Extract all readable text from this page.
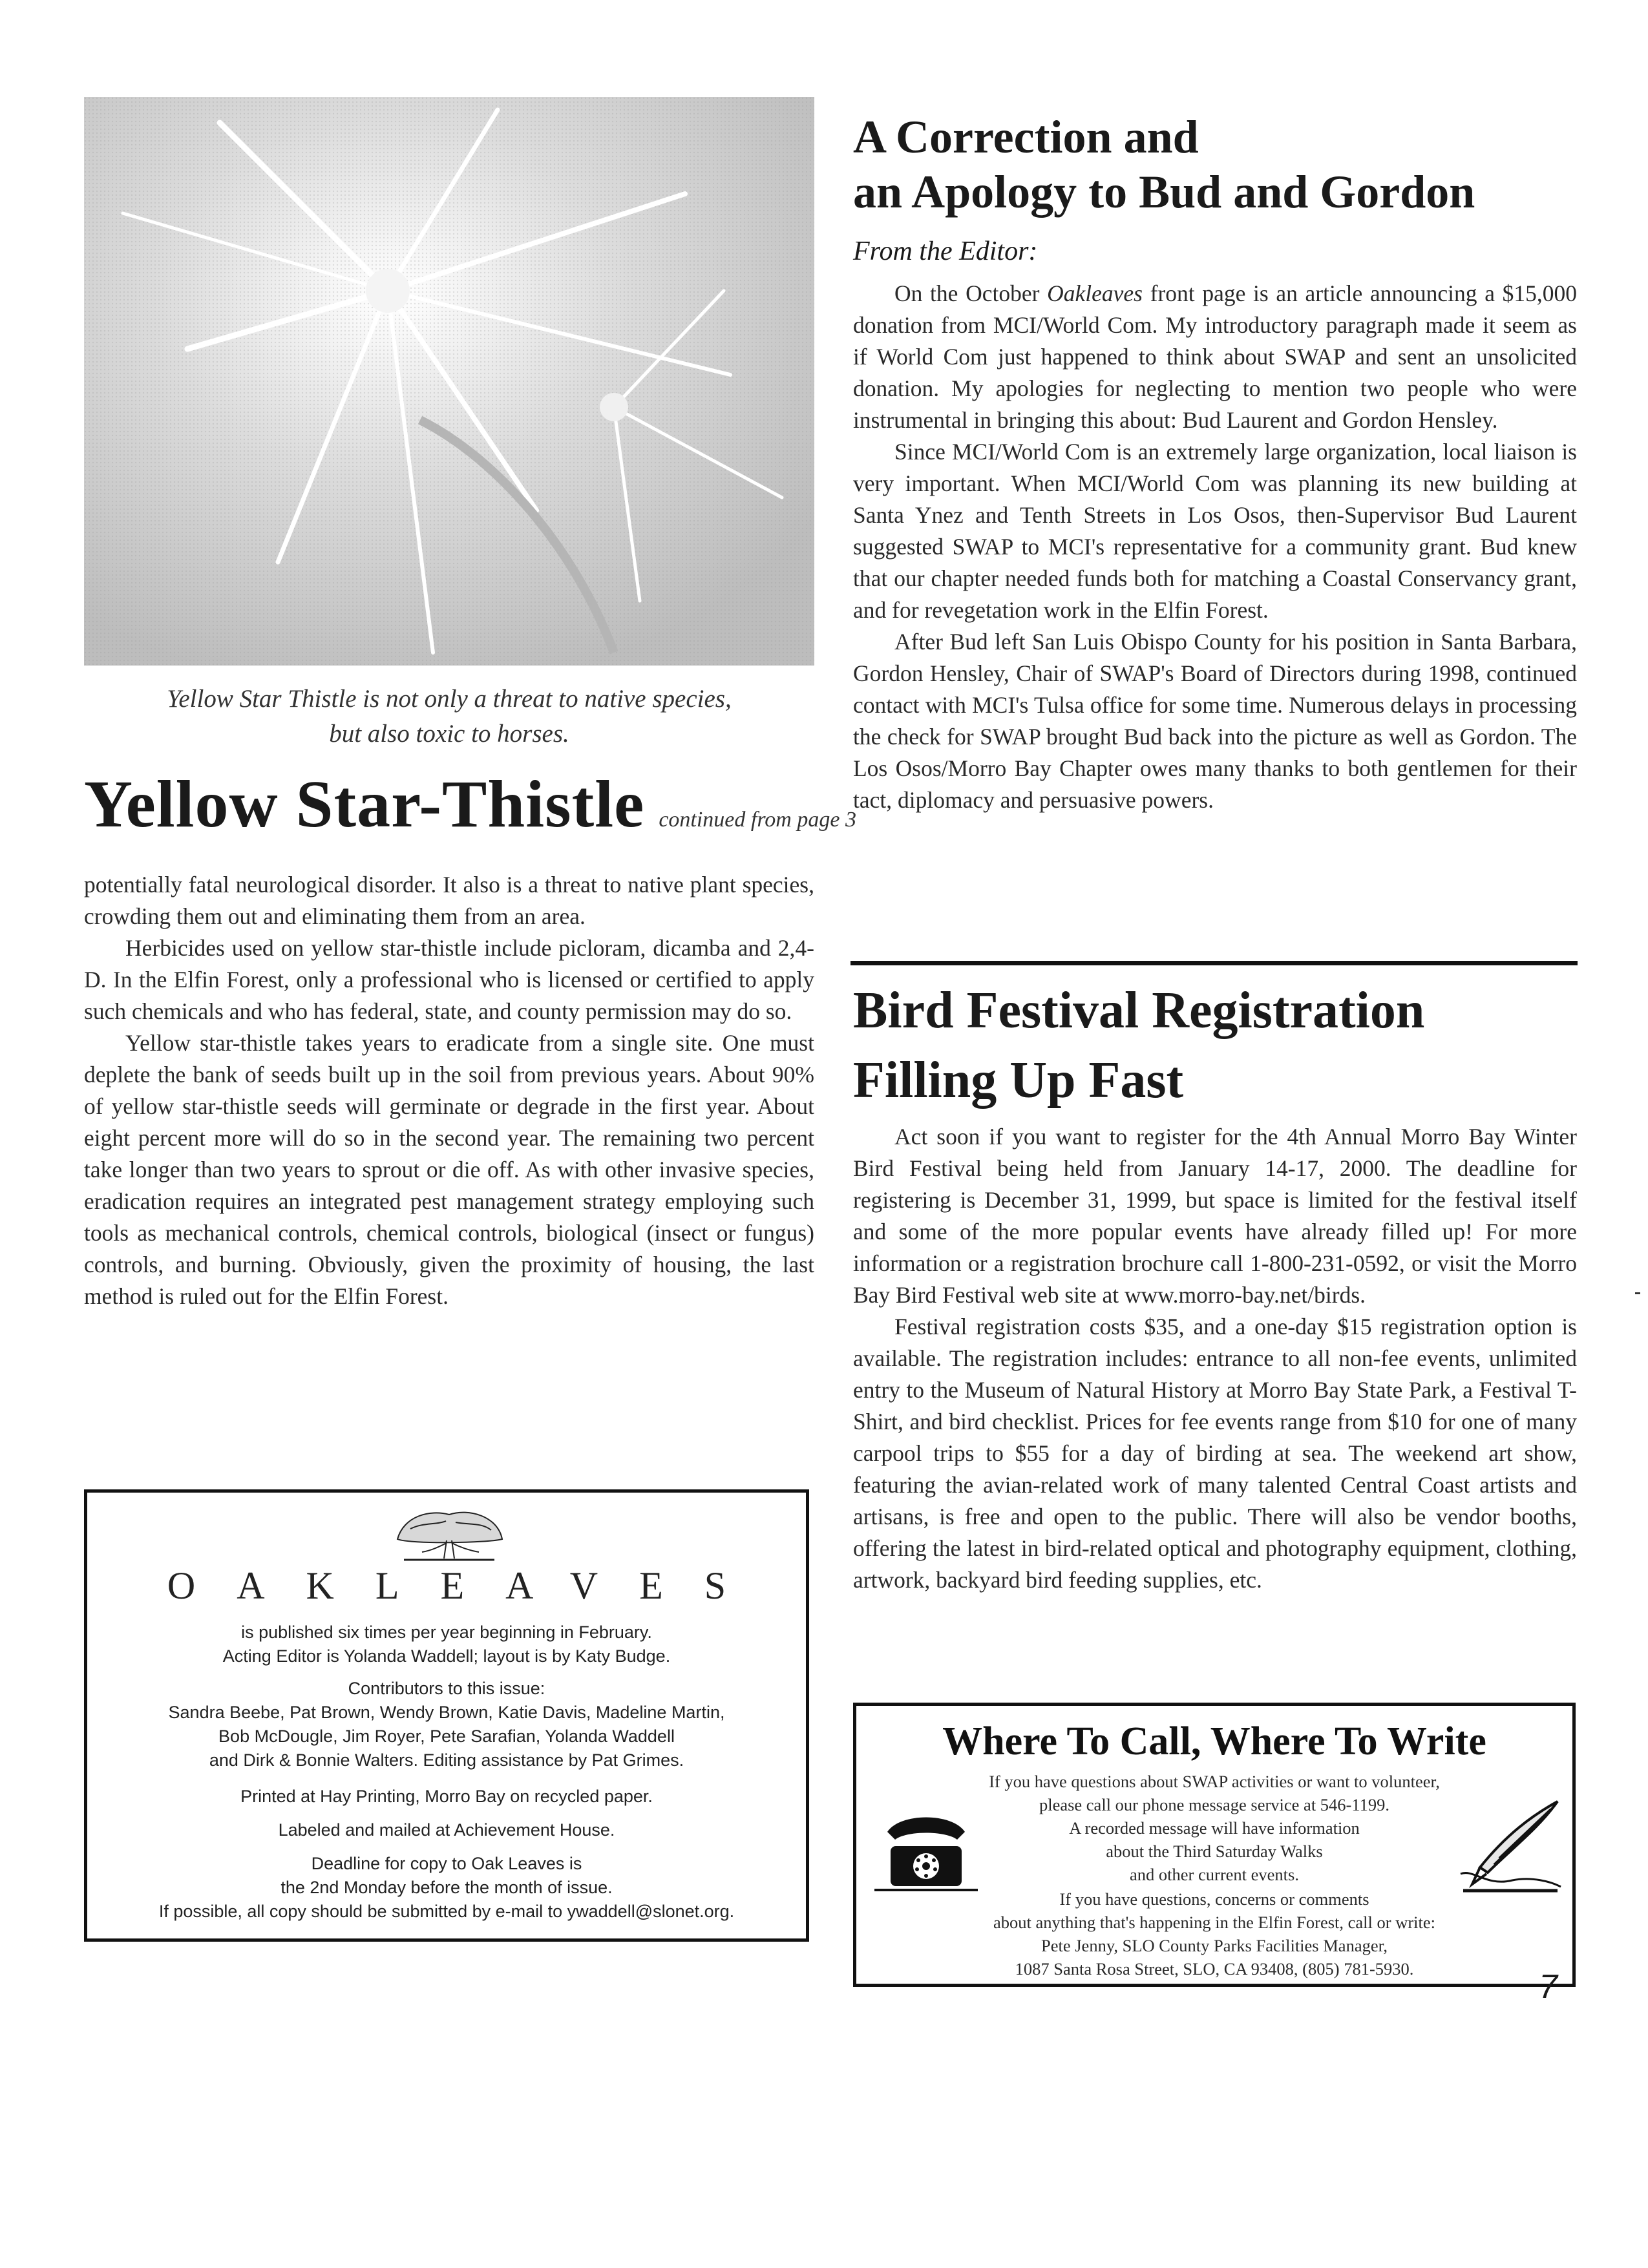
Yellow Star Thistle is not only a threat to native species,
but also toxic to horses.
Yellow Star-Thistle continued from page 3

potentially fatal neurological disorder. It also is a threat to native plant species, crowding them out and eliminating them from an area.

Herbicides used on yellow star-thistle include picloram, dicamba and 2,4-D. In the Elfin Forest, only a professional who is licensed or certified to apply such chemicals and who has federal, state, and county permission may do so.

Yellow star-thistle takes years to eradicate from a single site. One must deplete the bank of seeds built up in the soil from previous years. About 90% of yellow star-thistle seeds will germinate or degrade in the first year. About eight percent more will do so in the second year. The remaining two percent take longer than two years to sprout or die off. As with other invasive species, eradication requires an integrated pest management strategy employing such tools as mechanical controls, chemical controls, biological (insect or fungus) controls, and burning. Obviously, given the proximity of housing, the last method is ruled out for the Elfin Forest.

OAKLEAVES
is published six times per year beginning in February.
Acting Editor is Yolanda Waddell; layout is by Katy Budge.
Contributors to this issue:
Sandra Beebe, Pat Brown, Wendy Brown, Katie Davis, Madeline Martin,
Bob McDougle, Jim Royer, Pete Sarafian, Yolanda Waddell
and Dirk & Bonnie Walters. Editing assistance by Pat Grimes.
Printed at Hay Printing, Morro Bay on recycled paper.
Labeled and mailed at Achievement House.
Deadline for copy to Oak Leaves is
the 2nd Monday before the month of issue.
If possible, all copy should be submitted by e-mail to ywaddell@slonet.org.
A Correction and
an Apology to Bud and Gordon
From the Editor:

On the October Oakleaves front page is an article announcing a $15,000 donation from MCI/World Com. My introductory paragraph made it seem as if World Com just happened to think about SWAP and sent an unsolicited donation. My apologies for neglecting to mention two people who were instrumental in bringing this about: Bud Laurent and Gordon Hensley.

Since MCI/World Com is an extremely large organization, local liaison is very important. When MCI/World Com was planning its new building at Santa Ynez and Tenth Streets in Los Osos, then-Supervisor Bud Laurent suggested SWAP to MCI's representative for a community grant. Bud knew that our chapter needed funds both for matching a Coastal Conservancy grant, and for revegetation work in the Elfin Forest.

After Bud left San Luis Obispo County for his position in Santa Barbara, Gordon Hensley, Chair of SWAP's Board of Directors during 1998, continued contact with MCI's Tulsa office for some time. Numerous delays in processing the check for SWAP brought Bud back into the picture as well as Gordon. The Los Osos/Morro Bay Chapter owes many thanks to both gentlemen for their tact, diplomacy and persuasive powers.

Bird Festival Registration
Filling Up Fast

Act soon if you want to register for the 4th Annual Morro Bay Winter Bird Festival being held from January 14-17, 2000. The deadline for registering is December 31, 1999, but space is limited for the festival itself and some of the more popular events have already filled up! For more information or a registration brochure call 1-800-231-0592, or visit the Morro Bay Bird Festival web site at www.morro-bay.net/birds.

Festival registration costs $35, and a one-day $15 registration option is available. The registration includes: entrance to all non-fee events, unlimited entry to the Museum of Natural History at Morro Bay State Park, a Festival T-Shirt, and bird checklist. Prices for fee events range from $10 for one of many carpool trips to $55 for a day of birding at sea. The weekend art show, featuring the avian-related work of many talented Central Coast artists and artisans, is free and open to the public. There will also be vendor booths, offering the latest in bird-related optical and photography equipment, clothing, artwork, backyard bird feeding supplies, etc.

Where To Call, Where To Write
If you have questions about SWAP activities or want to volunteer,
please call our phone message service at 546-1199.
A recorded message will have information
about the Third Saturday Walks
and other current events.
If you have questions, concerns or comments
about anything that's happening in the Elfin Forest, call or write:
Pete Jenny, SLO County Parks Facilities Manager,
1087 Santa Rosa Street, SLO, CA 93408, (805) 781-5930.	7
